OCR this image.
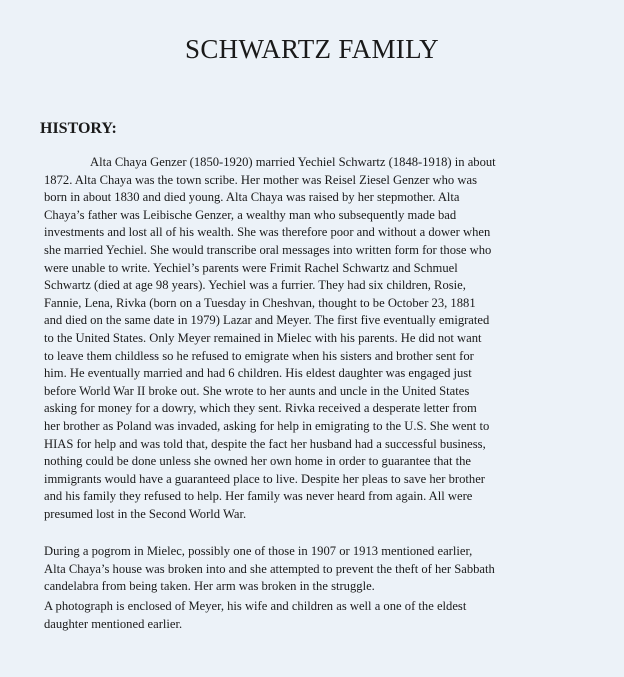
SCHWARTZ FAMILY
HISTORY:
Alta Chaya Genzer (1850-1920) married Yechiel Schwartz (1848-1918) in about
1872. Alta Chaya was the town scribe. Her mother was Reisel Ziesel Genzer who was
born in about 1830 and died young. Alta Chaya was raised by her stepmother. Alta
Chaya’s father was Leibische Genzer, a wealthy man who subsequently made bad
investments and lost all of his wealth. She was therefore poor and without a dower when
she married Yechiel. She would transcribe oral messages into written form for those who
were unable to write. Yechiel’s parents were Frimit Rachel Schwartz and Schmuel
Schwartz (died at age 98 years). Yechiel was a furrier. They had six children, Rosie,
Fannie, Lena, Rivka (born on a Tuesday in Cheshvan, thought to be October 23, 1881
and died on the same date in 1979) Lazar and Meyer. The first five eventually emigrated
to the United States. Only Meyer remained in Mielec with his parents. He did not want
to leave them childless so he refused to emigrate when his sisters and brother sent for
him. He eventually married and had 6 children. His eldest daughter was engaged just
before World War II broke out. She wrote to her aunts and uncle in the United States
asking for money for a dowry, which they sent. Rivka received a desperate letter from
her brother as Poland was invaded, asking for help in emigrating to the U.S. She went to
HIAS for help and was told that, despite the fact her husband had a successful business,
nothing could be done unless she owned her own home in order to guarantee that the
immigrants would have a guaranteed place to live. Despite her pleas to save her brother
and his family they refused to help. Her family was never heard from again. All were
presumed lost in the Second World War.
During a pogrom in Mielec, possibly one of those in 1907 or 1913 mentioned earlier,
Alta Chaya’s house was broken into and she attempted to prevent the theft of her Sabbath
candelabra from being taken. Her arm was broken in the struggle.
A photograph is enclosed of Meyer, his wife and children as well a one of the eldest
daughter mentioned earlier.
